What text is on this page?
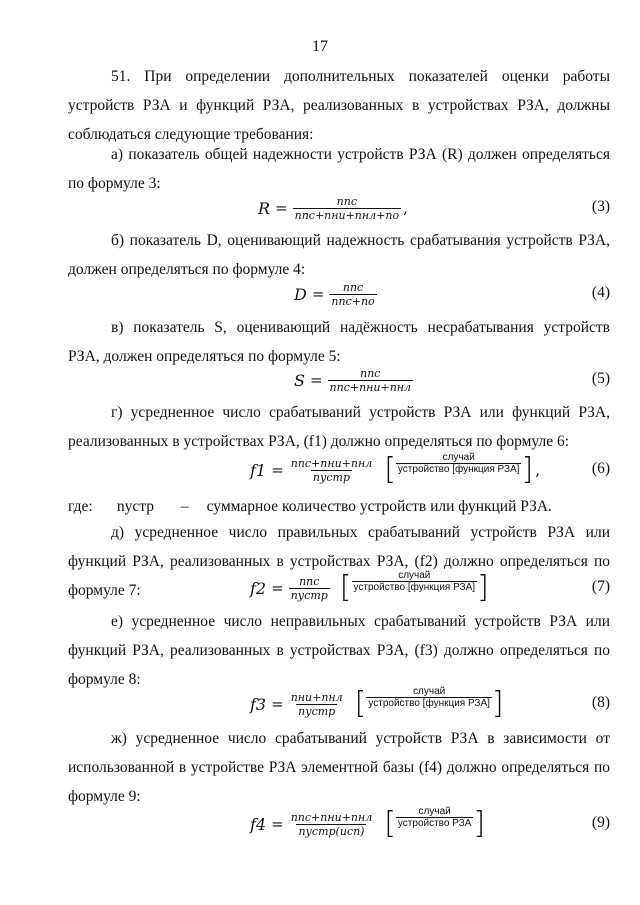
17
51. При определении дополнительных показателей оценки работы устройств РЗА и функций РЗА, реализованных в устройствах РЗА, должны соблюдаться следующие требования:
а) показатель общей надежности устройств РЗА (R) должен определяться по формуле 3:
$R = \frac{\text{nпс}}{\text{nпс+nни+nнл+nо}}$ ,	(3)
б) показатель D, оценивающий надежность срабатывания устройств РЗА, должен определяться по формуле 4:
$D = \frac{\text{nпс}}{\text{nпс+nо}}$	(4)
в) показатель S, оценивающий надёжность несрабатывания устройств РЗА, должен определяться по формуле 5:
$S = \frac{\text{nпс}}{\text{nпс+nни+nнл}}$	(5)
г) усредненное число срабатываний устройств РЗА или функций РЗА, реализованных в устройствах РЗА, (f1) должно определяться по формуле 6:
$f1 = \frac{\text{nпс+nни+nнл}}{\text{nустр}}$ [ $\frac{\text{случай}}{\text{устройство [функция РЗА]}}$ ] ,	(6)
где: nустр – суммарное количество устройств или функций РЗА.
д) усредненное число правильных срабатываний устройств РЗА или функций РЗА, реализованных в устройствах РЗА, (f2) должно определяться по формуле 7:	$f2 = \frac{\text{nпс}}{\text{nустр}}$ [ $\frac{\text{случай}}{\text{устройство [функция РЗА]}}$ ]	(7)
е) усредненное число неправильных срабатываний устройств РЗА или функций РЗА, реализованных в устройствах РЗА, (f3) должно определяться по формуле 8:
$f3 = \frac{\text{nни+nнл}}{\text{nустр}}$ [ $\frac{\text{случай}}{\text{устройство [функция РЗА]}}$ ]	(8)
ж) усредненное число срабатываний устройств РЗА в зависимости от использованной в устройстве РЗА элементной базы (f4) должно определяться по формуле 9:
$f4 = \frac{\text{nпс+nни+nнл}}{\text{nустр(исп)}}$ [ $\frac{\text{случай}}{\text{устройство РЗА}}$ ]	(9)
